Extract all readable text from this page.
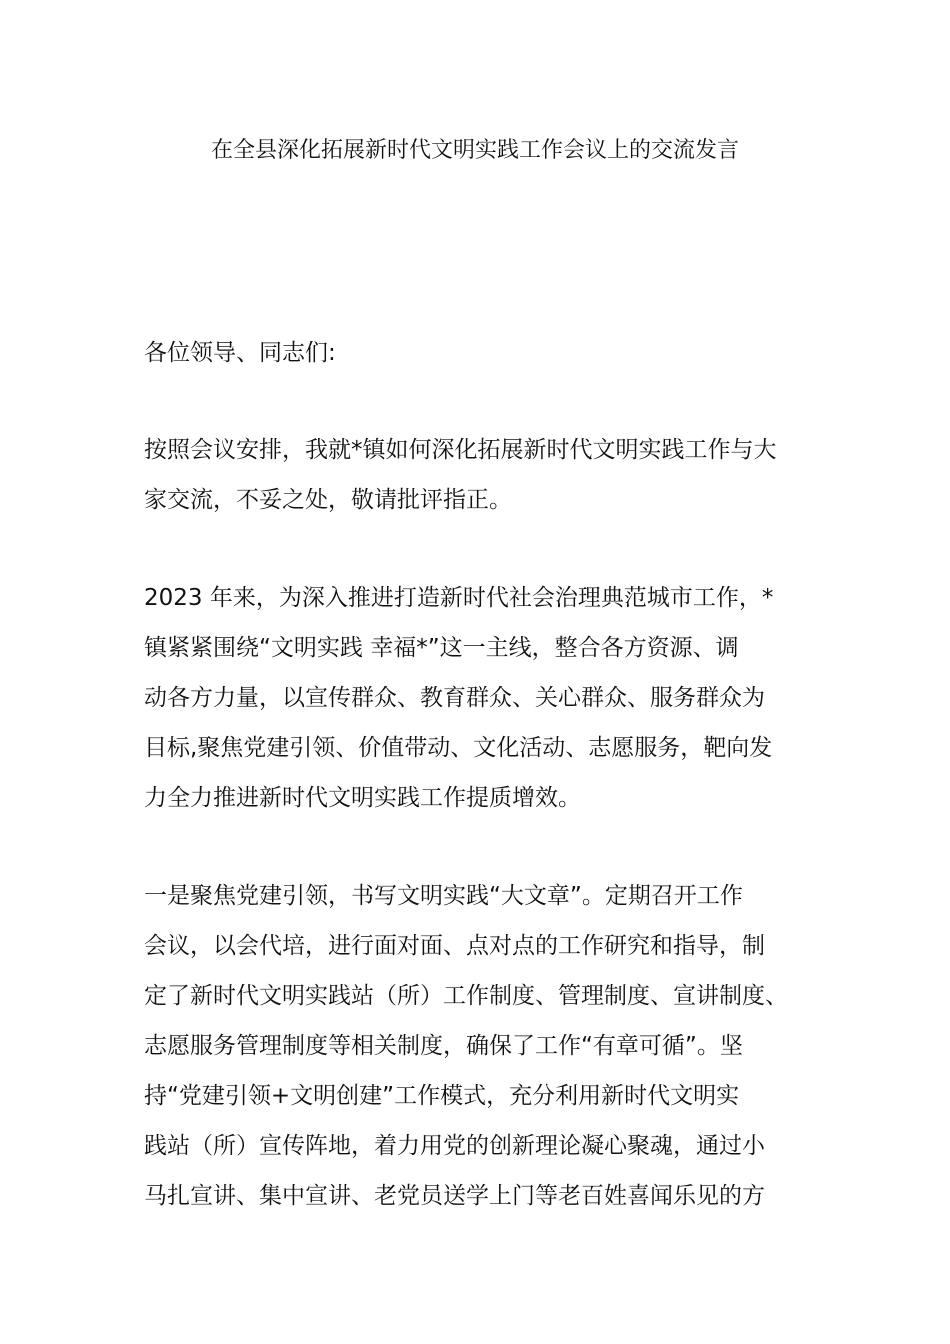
在全县深化拓展新时代文明实践工作会议上的交流发言
各位领导、同志们:
按照会议安排，我就*镇如何深化拓展新时代文明实践工作与大
家交流，不妥之处，敬请批评指正。
2023 年来，为深入推进打造新时代社会治理典范城市工作，*
镇紧紧围绕“文明实践 幸福*”这一主线，整合各方资源、调
动各方力量，以宣传群众、教育群众、关心群众、服务群众为
目标,聚焦党建引领、价值带动、文化活动、志愿服务，靶向发
力全力推进新时代文明实践工作提质增效。
一是聚焦党建引领，书写文明实践“大文章”。定期召开工作
会议，以会代培，进行面对面、点对点的工作研究和指导，制
定了新时代文明实践站（所）工作制度、管理制度、宣讲制度、
志愿服务管理制度等相关制度，确保了工作“有章可循”。坚
持“党建引领+文明创建”工作模式，充分利用新时代文明实
践站（所）宣传阵地，着力用党的创新理论凝心聚魂，通过小
马扎宣讲、集中宣讲、老党员送学上门等老百姓喜闻乐见的方
